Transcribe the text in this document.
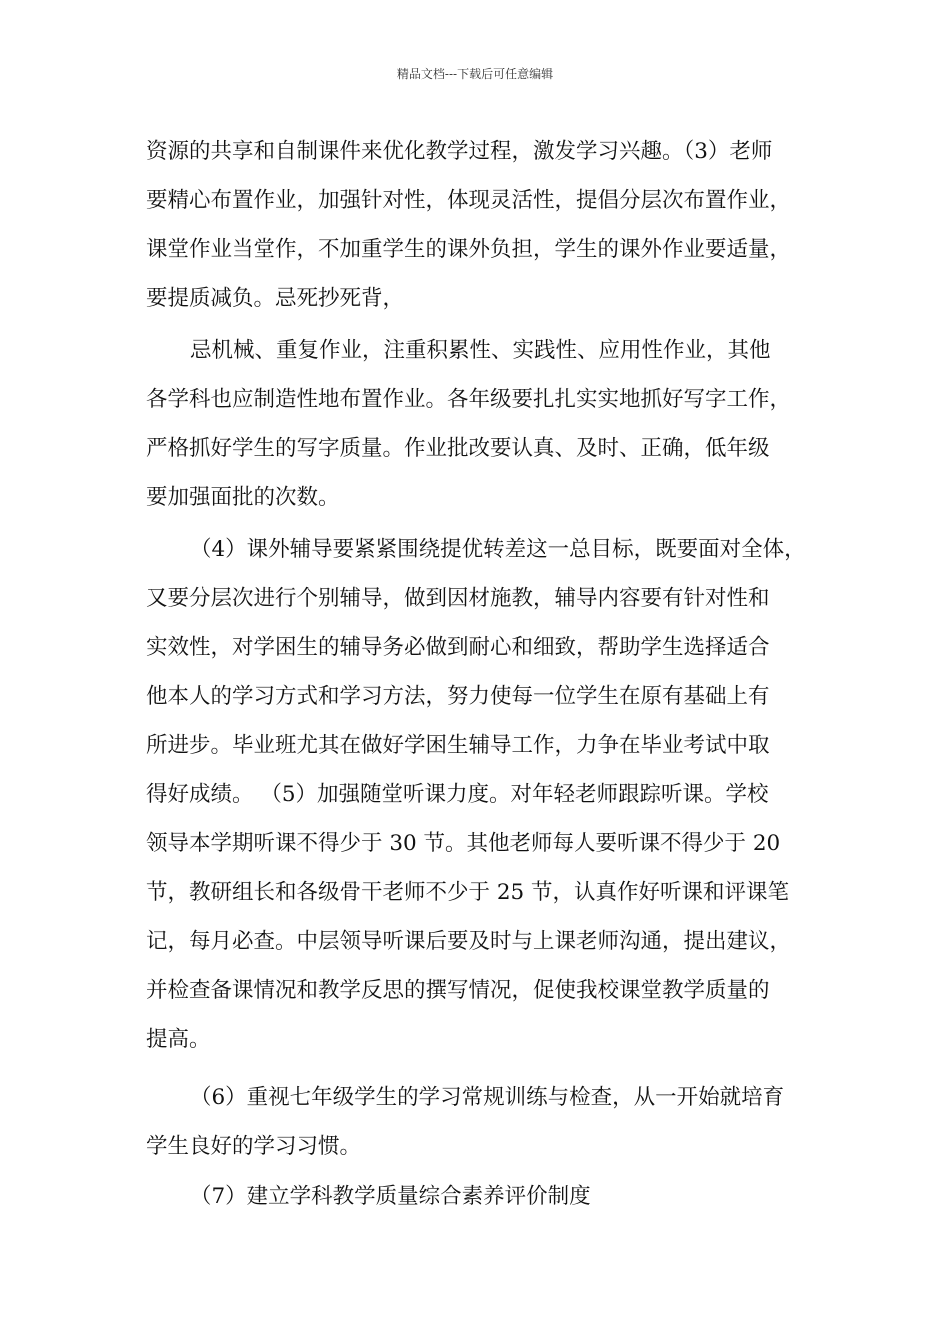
精品文档---下载后可任意编辑
资源的共享和自制课件来优化教学过程，激发学习兴趣。（3）老师
要精心布置作业，加强针对性，体现灵活性，提倡分层次布置作业，
课堂作业当堂作，不加重学生的课外负担，学生的课外作业要适量，
要提质减负。忌死抄死背，
忌机械、重复作业，注重积累性、实践性、应用性作业，其他
各学科也应制造性地布置作业。各年级要扎扎实实地抓好写字工作，
严格抓好学生的写字质量。作业批改要认真、及时、正确，低年级
要加强面批的次数。
（4）课外辅导要紧紧围绕提优转差这一总目标，既要面对全体，
又要分层次进行个别辅导，做到因材施教，辅导内容要有针对性和
实效性，对学困生的辅导务必做到耐心和细致，帮助学生选择适合
他本人的学习方式和学习方法，努力使每一位学生在原有基础上有
所进步。毕业班尤其在做好学困生辅导工作，力争在毕业考试中取
得好成绩。 （5）加强随堂听课力度。对年轻老师跟踪听课。学校
领导本学期听课不得少于 30 节。其他老师每人要听课不得少于 20
节，教研组长和各级骨干老师不少于 25 节，认真作好听课和评课笔
记，每月必查。中层领导听课后要及时与上课老师沟通，提出建议，
并检查备课情况和教学反思的撰写情况，促使我校课堂教学质量的
提高。
（6）重视七年级学生的学习常规训练与检查，从一开始就培育
学生良好的学习习惯。
（7）建立学科教学质量综合素养评价制度
